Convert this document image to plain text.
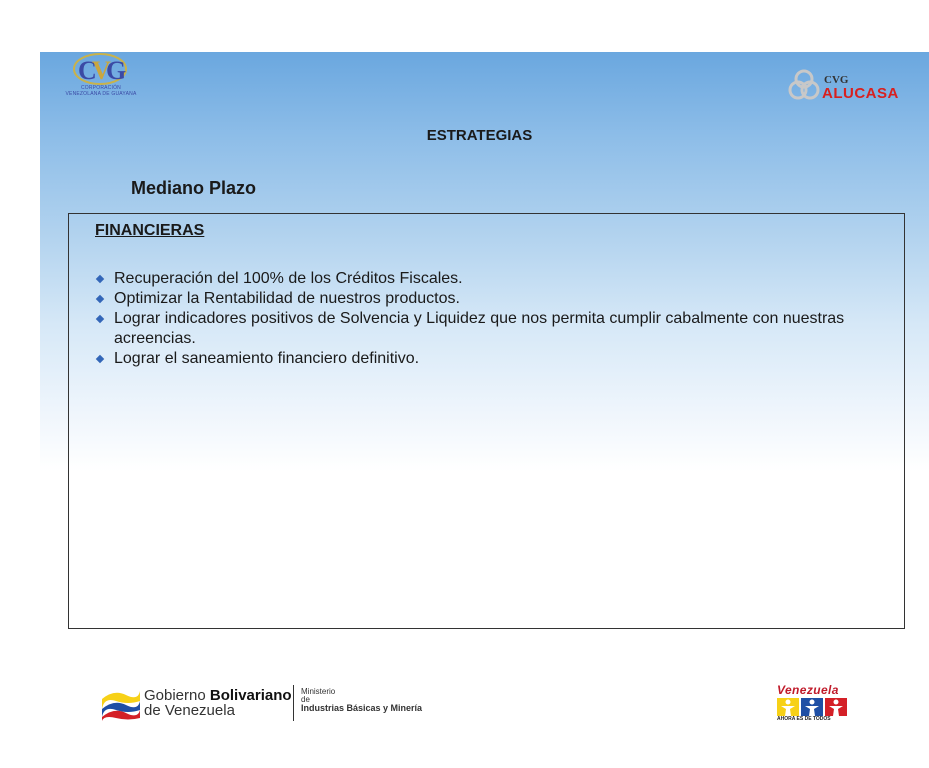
C
V
G
CORPORACIÓN
VENEZOLANA DE GUAYANA
CVG
ALUCASA
ESTRATEGIAS
Mediano Plazo
FINANCIERAS
Recuperación del 100% de los Créditos Fiscales.
Optimizar la Rentabilidad de nuestros productos.
Lograr indicadores positivos de Solvencia y Liquidez que nos permita cumplir cabalmente con nuestras acreencias.
Lograr el saneamiento financiero definitivo.
Gobierno Bolivariano
de Venezuela
Ministerio
de
Industrias Básicas y Minería
Venezuela
AHORA ES DE TODOS
